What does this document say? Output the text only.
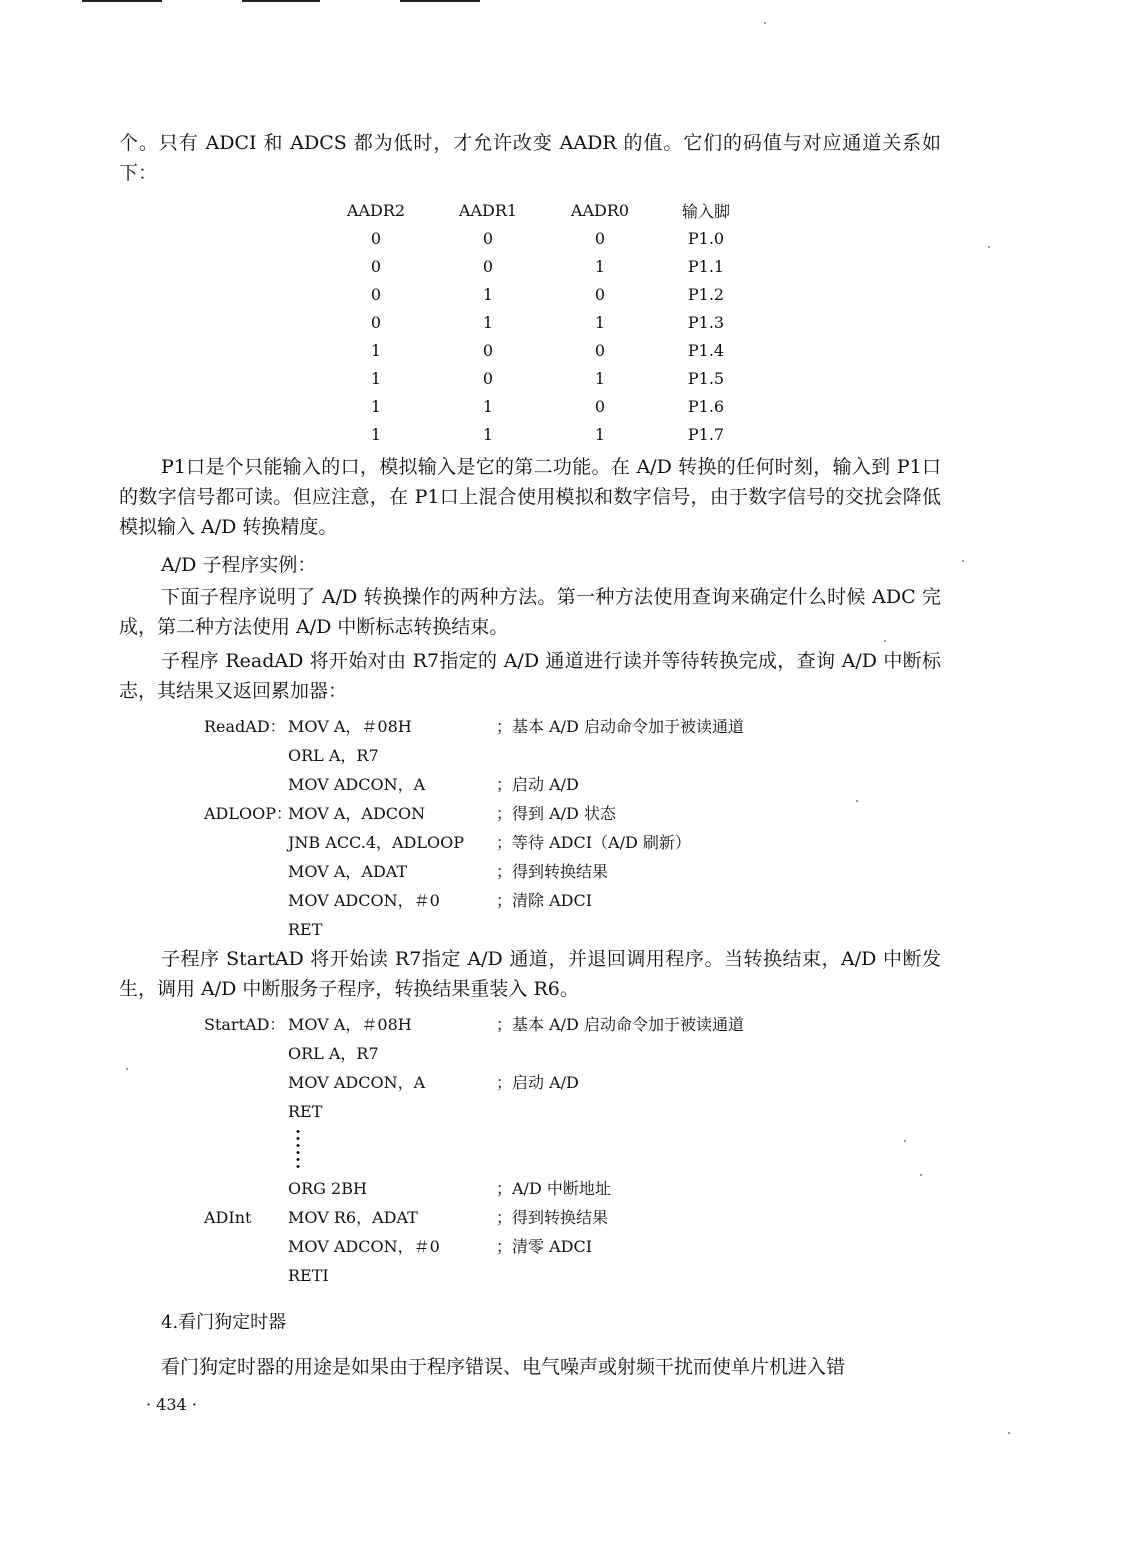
个。只有 ADCI 和 ADCS 都为低时，才允许改变 AADR 的值。它们的码值与对应通道关系如下：

AADR2	AADR1	AADR0	输入脚
0	0	0	P1.0
0	0	1	P1.1
0	1	0	P1.2
0	1	1	P1.3
1	0	0	P1.4
1	0	1	P1.5
1	1	0	P1.6
1	1	1	P1.7

P1口是个只能输入的口，模拟输入是它的第二功能。在 A/D 转换的任何时刻，输入到 P1口的数字信号都可读。但应注意，在 P1口上混合使用模拟和数字信号，由于数字信号的交扰会降低模拟输入 A/D 转换精度。

A/D 子程序实例：

下面子程序说明了 A/D 转换操作的两种方法。第一种方法使用查询来确定什么时候 ADC 完成，第二种方法使用 A/D 中断标志转换结束。

子程序 ReadAD 将开始对由 R7指定的 A/D 通道进行读并等待转换完成，查询 A/D 中断标志，其结果又返回累加器：

ReadAD： MOV A，＃08H	；基本 A/D 启动命令加于被读通道
ORL A，R7
MOV ADCON，A	；启动 A/D
ADLOOP：
MOV A，ADCON	；得到 A/D 状态
JNB ACC.4，ADLOOP ；等待 ADCI（A/D 刷新）
MOV A，ADAT	；得到转换结果
MOV ADCON，＃0	；清除 ADCI
RET

子程序 StartAD 将开始读 R7指定 A/D 通道，并退回调用程序。当转换结束，A/D 中断发生，调用 A/D 中断服务子程序，转换结果重装入 R6。

StartAD： MOV A，＃08H	；基本 A/D 启动命令加于被读通道
ORL A，R7
MOV ADCON，A	；启动 A/D
RET
ORG 2BH	；A/D 中断地址
ADInt MOV R6，ADAT	；得到转换结果
MOV ADCON，＃0	；清零 ADCI
RETI
4.看门狗定时器

看门狗定时器的用途是如果由于程序错误、电气噪声或射频干扰而使单片机进入错

· 434 ·
